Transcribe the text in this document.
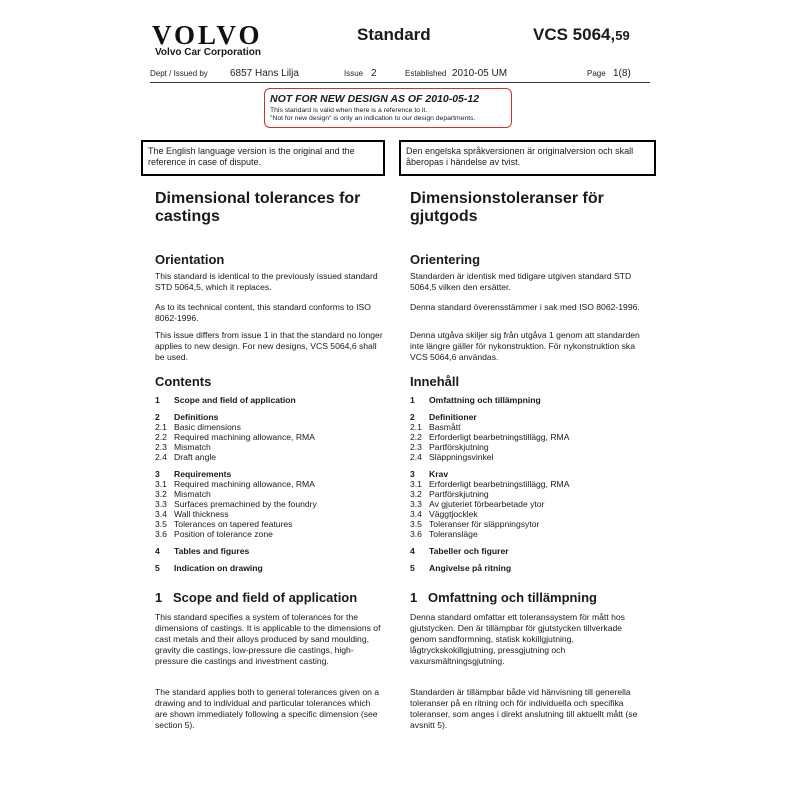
VOLVO
Volvo Car Corporation
Standard	VCS 5064,59
Dept / Issued by 6857 Hans Lilja	Issue 2	Established 2010-05 UM	Page 1(8)
NOT FOR NEW DESIGN AS OF 2010-05-12
This standard is valid when there is a reference to it.
"Not for new design" is only an indication to our design departments.
The English language version is the original and the reference in case of dispute.
Den engelska språkversionen är originalversion och skall åberopas i händelse av tvist.
Dimensional tolerances for castings
Orientation
This standard is identical to the previously issued standard STD 5064,5, which it replaces.
As to its technical content, this standard conforms to ISO 8062-1996.
This issue differs from issue 1 in that the standard no longer applies to new design. For new designs, VCS 5064,6 shall be used.
Contents
1	Scope and field of application
2	Definitions
2.1 Basic dimensions
2.2 Required machining allowance, RMA
2.3 Mismatch
2.4 Draft angle
3	Requirements
3.1 Required machining allowance, RMA
3.2 Mismatch
3.3 Surfaces premachined by the foundry
3.4 Wall thickness
3.5 Tolerances on tapered features
3.6 Position of tolerance zone
4	Tables and figures
5	Indication on drawing
1 Scope and field of application
This standard specifies a system of tolerances for the dimensions of castings. It is applicable to the dimensions of cast metals and their alloys produced by sand moulding, gravity die castings, low-pressure die castings, high-pressure die castings and investment casting.
The standard applies both to general tolerances given on a drawing and to individual and particular tolerances which are shown immediately following a specific dimension (see section 5).
Dimensionstoleranser för gjutgods
Orientering
Standarden är identisk med tidigare utgiven standard STD 5064,5 vilken den ersätter.
Denna standard överensstämmer i sak med ISO 8062-1996.
Denna utgåva skiljer sig från utgåva 1 genom att standarden inte längre gäller för nykonstruktion. För nykonstruktion ska VCS 5064,6 användas.
Innehåll
1	Omfattning och tillämpning
2	Definitioner
2.1 Basmått
2.2 Erforderligt bearbetningstillägg, RMA
2.3 Partförskjutning
2.4 Släppningsvinkel
3	Krav
3.1 Erforderligt bearbetningstillägg, RMA
3.2 Partförskjutning
3.3 Av gjuteriet förbearbetade ytor
3.4 Väggtjocklek
3.5 Toleranser för släppningsytor
3.6 Toleransläge
4	Tabeller och figurer
5	Angivelse på ritning
1 Omfattning och tillämpning
Denna standard omfattar ett toleranssystem för mått hos gjutstycken. Den är tillämpbar för gjutstycken tillverkade genom sandformning, statisk kokillgjutning, lågtryckskokillgjutning, pressgjutning och vaxursmältningsgjutning.
Standarden är tillämpbar både vid hänvisning till generella toleranser på en ritning och för individuella och specifika toleranser, som anges i direkt anslutning till aktuellt mått (se avsnitt 5).
